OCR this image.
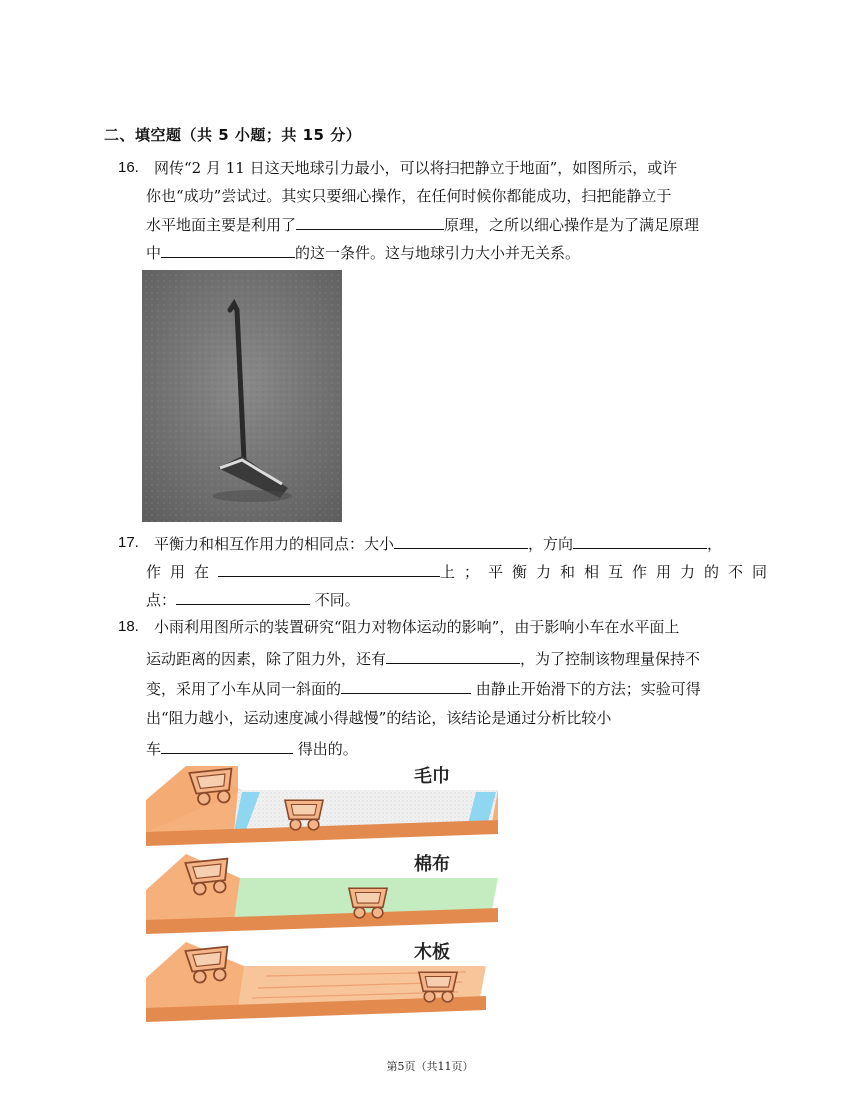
二、填空题（共 5 小题；共 15 分）
16. 网传“2 月 11 日这天地球引力最小，可以将扫把静立于地面”，如图所示，或许
你也“成功”尝试过。其实只要细心操作，在任何时候你都能成功，扫把能静立于
水平地面主要是利用了	原理，之所以细心操作是为了满足原理
中	的这一条件。这与地球引力大小并无关系。
17. 平衡力和相互作用力的相同点：大小	，方向	，
作用在	上；平衡力和相互作用力的不同
点：	不同。
18. 小雨利用图所示的装置研究“阻力对物体运动的影响”，由于影响小车在水平面上
运动距离的因素，除了阻力外，还有	，为了控制该物理量保持不
变，采用了小车从同一斜面的	由静止开始滑下的方法；实验可得
出“阻力越小，运动速度减小得越慢”的结论，该结论是通过分析比较小
车	得出的。
毛巾
棉布
木板
第5页（共11页）
